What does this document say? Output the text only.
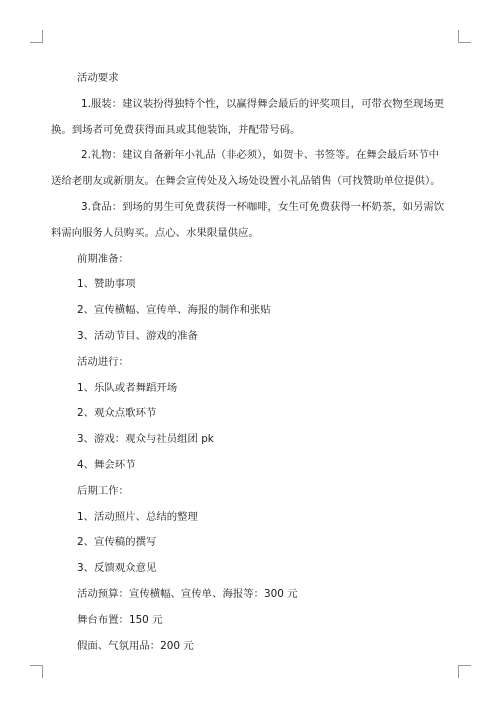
活动要求

1.服装：建议装扮得独特个性，以赢得舞会最后的评奖项目，可带衣物至现场更

换。到场者可免费获得面具或其他装饰，并配带号码。

2.礼物：建议自备新年小礼品（非必须），如贺卡、书签等。在舞会最后环节中

送给老朋友或新朋友。在舞会宣传处及入场处设置小礼品销售（可找赞助单位提供）。

3.食品：到场的男生可免费获得一杯咖啡，女生可免费获得一杯奶茶，如另需饮

料需向服务人员购买。点心、水果限量供应。

前期准备：

1、赞助事项

2、宣传横幅、宣传单、海报的制作和张贴

3、活动节目、游戏的准备

活动进行：

1、乐队或者舞蹈开场

2、观众点歌环节

3、游戏：观众与社员组团 pk

4、舞会环节

后期工作：

1、活动照片、总结的整理

2、宣传稿的撰写

3、反馈观众意见

活动预算：宣传横幅、宣传单、海报等：300 元

舞台布置：150 元

假面、气氛用品：200 元
